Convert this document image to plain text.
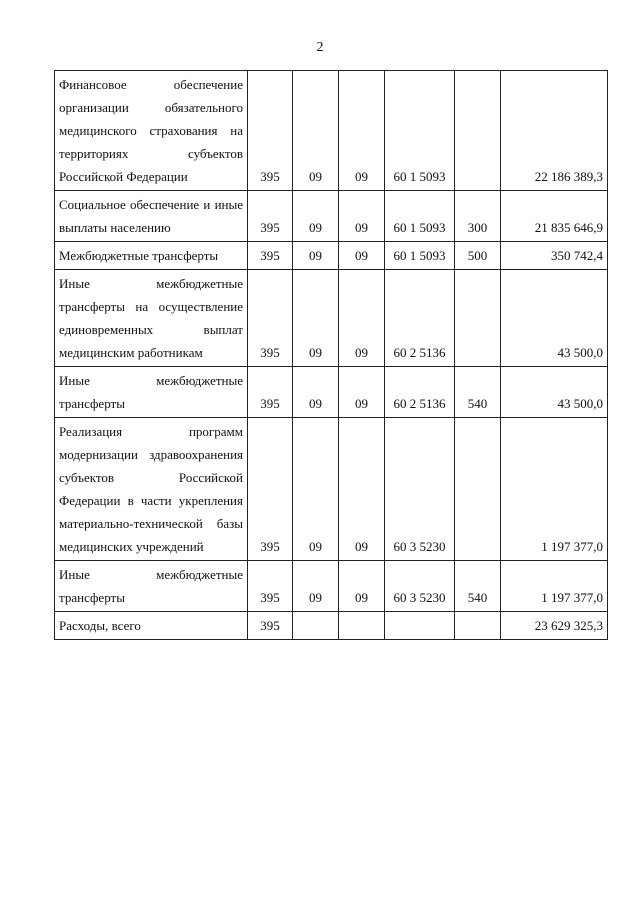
2
Финансовое обеспечение организации обязательного медицинского страхования на территориях субъектов Российской Федерации	395	09	09	60 1 5093		22 186 389,3
Социальное обеспечение и иные выплаты населению	395	09	09	60 1 5093	300	21 835 646,9
Межбюджетные трансферты	395	09	09	60 1 5093	500	350 742,4
Иные межбюджетные трансферты на осуществление единовременных выплат медицинским работникам	395	09	09	60 2 5136		43 500,0
Иные межбюджетные трансферты	395	09	09	60 2 5136	540	43 500,0
Реализация программ модернизации здравоохранения субъектов Российской Федерации в части укрепления материально-технической базы медицинских учреждений	395	09	09	60 3 5230		1 197 377,0
Иные межбюджетные трансферты	395	09	09	60 3 5230	540	1 197 377,0
Расходы, всего	395					23 629 325,3
